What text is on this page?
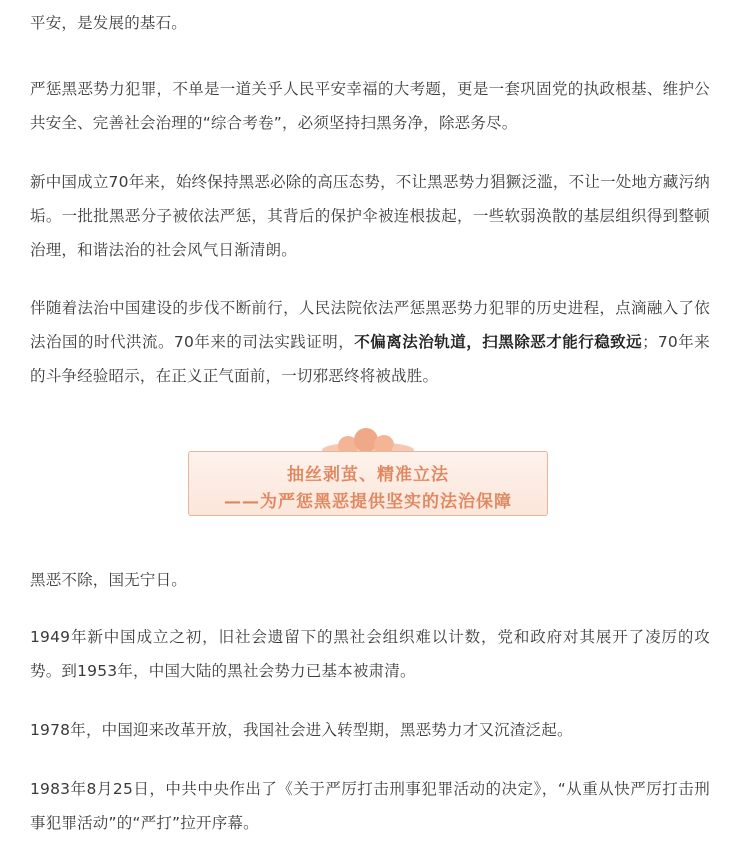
平安，是发展的基石。

严惩黑恶势力犯罪，不单是一道关乎人民平安幸福的大考题，更是一套巩固党的执政根基、维护公共安全、完善社会治理的“综合考卷”，必须坚持扫黑务净，除恶务尽。

新中国成立70年来，始终保持黑恶必除的高压态势，不让黑恶势力猖獗泛滥，不让一处地方藏污纳垢。一批批黑恶分子被依法严惩，其背后的保护伞被连根拔起，一些软弱涣散的基层组织得到整顿治理，和谐法治的社会风气日渐清朗。

伴随着法治中国建设的步伐不断前行，人民法院依法严惩黑恶势力犯罪的历史进程，点滴融入了依法治国的时代洪流。70年来的司法实践证明，不偏离法治轨道，扫黑除恶才能行稳致远；70年来的斗争经验昭示，在正义正气面前，一切邪恶终将被战胜。

黑恶不除，国无宁日。

1949年新中国成立之初，旧社会遗留下的黑社会组织难以计数，党和政府对其展开了凌厉的攻势。到1953年，中国大陆的黑社会势力已基本被肃清。

1978年，中国迎来改革开放，我国社会进入转型期，黑恶势力才又沉渣泛起。

1983年8月25日，中共中央作出了《关于严厉打击刑事犯罪活动的决定》，“从重从快严厉打击刑事犯罪活动”的“严打”拉开序幕。

抽丝剥茧、精准立法
——为严惩黑恶提供坚实的法治保障
